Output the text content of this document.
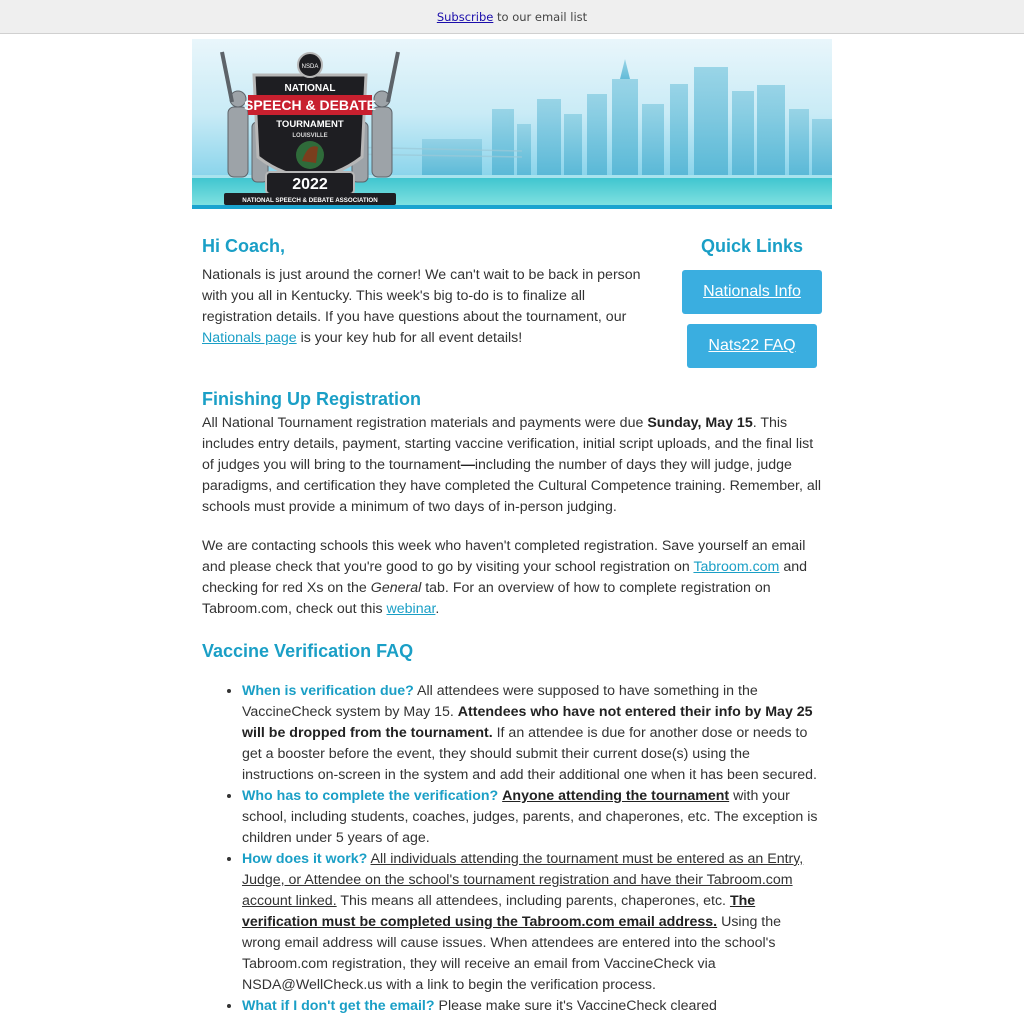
Subscribe to our email list
NSDA
NATIONAL
SPEECH & DEBATE
TOURNAMENT
LOUISVILLE
2022
NATIONAL SPEECH & DEBATE ASSOCIATION
Hi Coach,

Nationals is just around the corner! We can't wait to be back in person with you all in Kentucky. This week's big to-do is to finalize all registration details. If you have questions about the tournament, our Nationals page is your key hub for all event details!

Quick Links
Nationals Info
Nats22 FAQ
Finishing Up Registration

All National Tournament registration materials and payments were due Sunday, May 15. This includes entry details, payment, starting vaccine verification, initial script uploads, and the final list of judges you will bring to the tournament—including the number of days they will judge, judge paradigms, and certification they have completed the Cultural Competence training. Remember, all schools must provide a minimum of two days of in-person judging.

We are contacting schools this week who haven't completed registration. Save yourself an email and please check that you're good to go by visiting your school registration on Tabroom.com and checking for red Xs on the General tab. For an overview of how to complete registration on Tabroom.com, check out this webinar.

Vaccine Verification FAQ
• When is verification due? All attendees were supposed to have something in the VaccineCheck system by May 15. Attendees who have not entered their info by May 25 will be dropped from the tournament. If an attendee is due for another dose or needs to get a booster before the event, they should submit their current dose(s) using the instructions on-screen in the system and add their additional one when it has been secured.
• Who has to complete the verification? Anyone attending the tournament with your school, including students, coaches, judges, parents, and chaperones, etc. The exception is children under 5 years of age.
• How does it work? All individuals attending the tournament must be entered as an Entry, Judge, or Attendee on the school's tournament registration and have their Tabroom.com account linked. This means all attendees, including parents, chaperones, etc. The verification must be completed using the Tabroom.com email address. Using the wrong email address will cause issues. When attendees are entered into the school's Tabroom.com registration, they will receive an email from VaccineCheck via NSDA@WellCheck.us with a link to begin the verification process.
• What if I don't get the email? Please make sure it's VaccineCheck cleared
